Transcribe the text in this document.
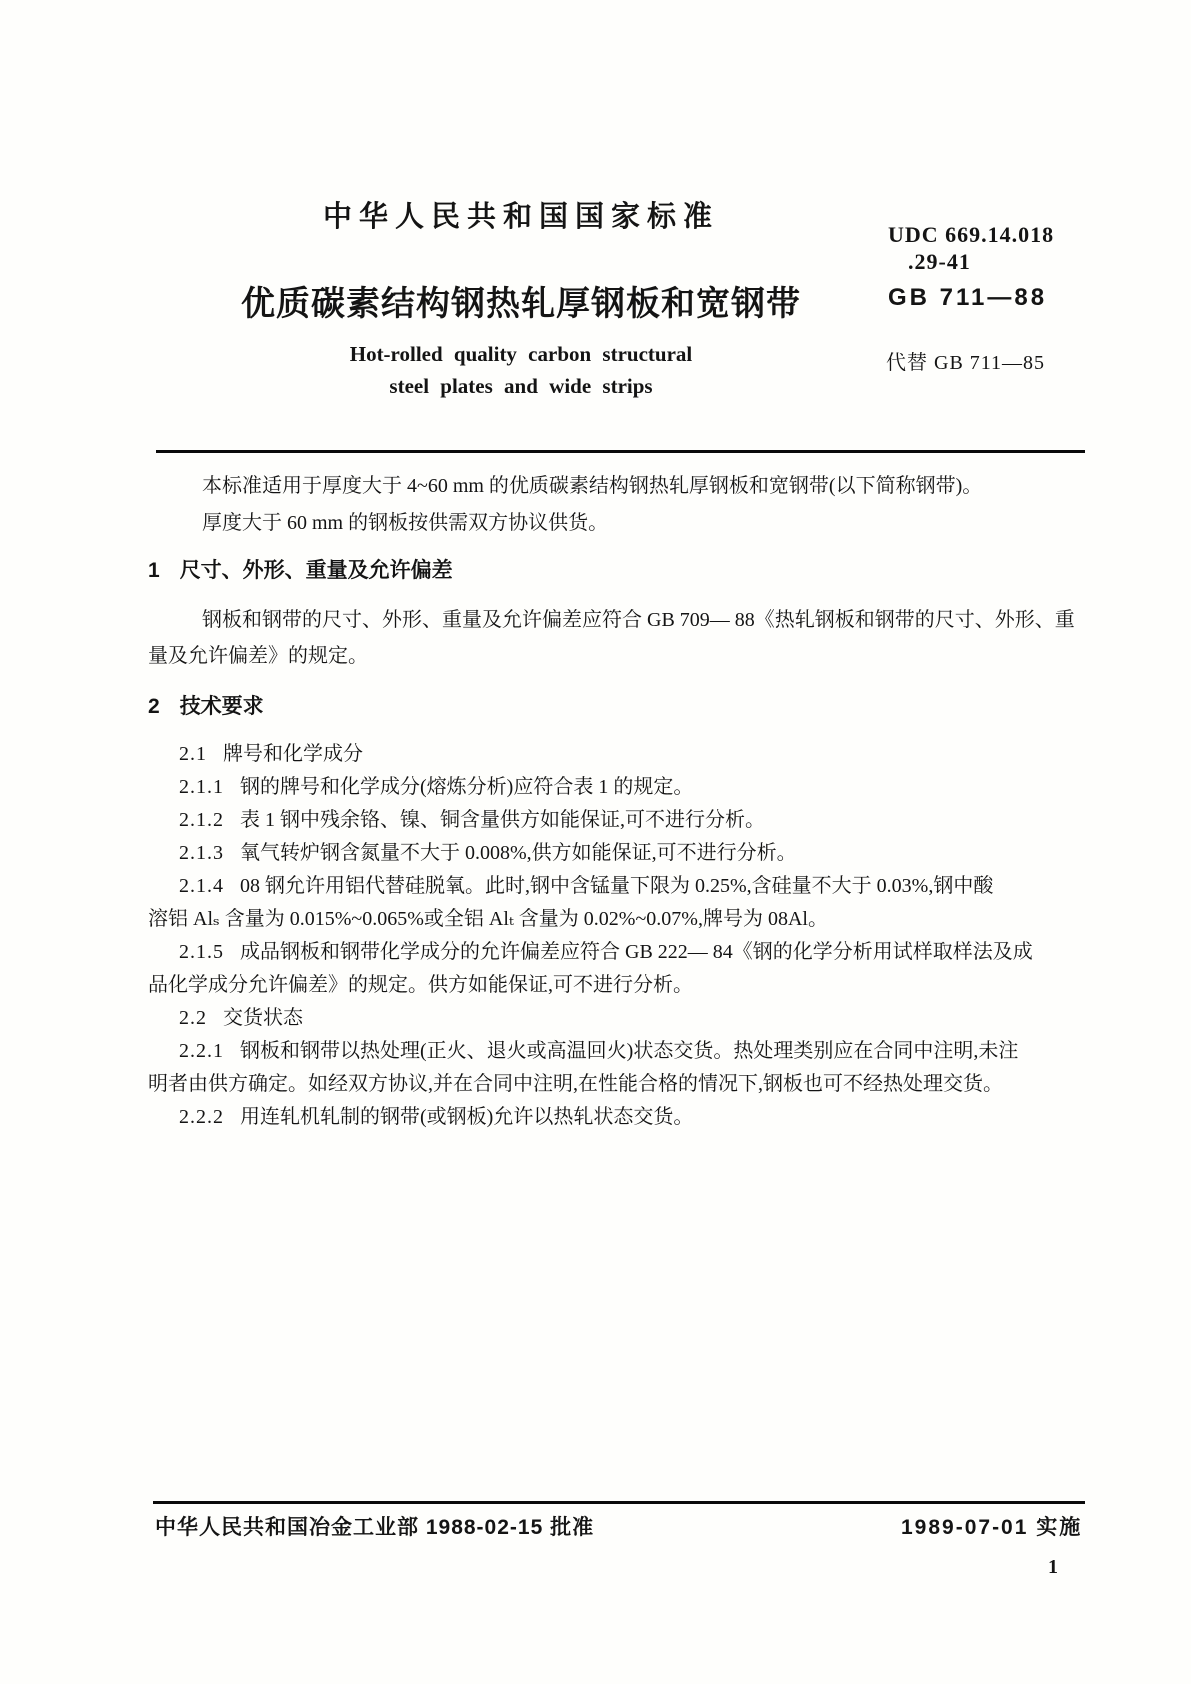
中华人民共和国国家标准
UDC 669.14.018
.29-41
优质碳素结构钢热轧厚钢板和宽钢带	GB 711—88
Hot-rolled quality carbon structural
steel plates and wide strips
代替 GB 711—85
本标准适用于厚度大于 4~60 mm 的优质碳素结构钢热轧厚钢板和宽钢带(以下简称钢带)。
厚度大于 60 mm 的钢板按供需双方协议供货。
1 尺寸、外形、重量及允许偏差
钢板和钢带的尺寸、外形、重量及允许偏差应符合 GB 709— 88《热轧钢板和钢带的尺寸、外形、重
量及允许偏差》的规定。
2 技术要求
2.1 牌号和化学成分
2.1.1 钢的牌号和化学成分(熔炼分析)应符合表 1 的规定。
2.1.2 表 1 钢中残余铬、镍、铜含量供方如能保证,可不进行分析。
2.1.3 氧气转炉钢含氮量不大于 0.008%,供方如能保证,可不进行分析。
2.1.4 08 钢允许用铝代替硅脱氧。此时,钢中含锰量下限为 0.25%,含硅量不大于 0.03%,钢中酸
溶铝 Alₛ 含量为 0.015%~0.065%或全铝 Alₜ 含量为 0.02%~0.07%,牌号为 08Al。
2.1.5 成品钢板和钢带化学成分的允许偏差应符合 GB 222— 84《钢的化学分析用试样取样法及成
品化学成分允许偏差》的规定。供方如能保证,可不进行分析。
2.2 交货状态
2.2.1 钢板和钢带以热处理(正火、退火或高温回火)状态交货。热处理类别应在合同中注明,未注
明者由供方确定。如经双方协议,并在合同中注明,在性能合格的情况下,钢板也可不经热处理交货。
2.2.2 用连轧机轧制的钢带(或钢板)允许以热轧状态交货。
中华人民共和国冶金工业部 1988-02-15 批准	1989-07-01 实施
1
